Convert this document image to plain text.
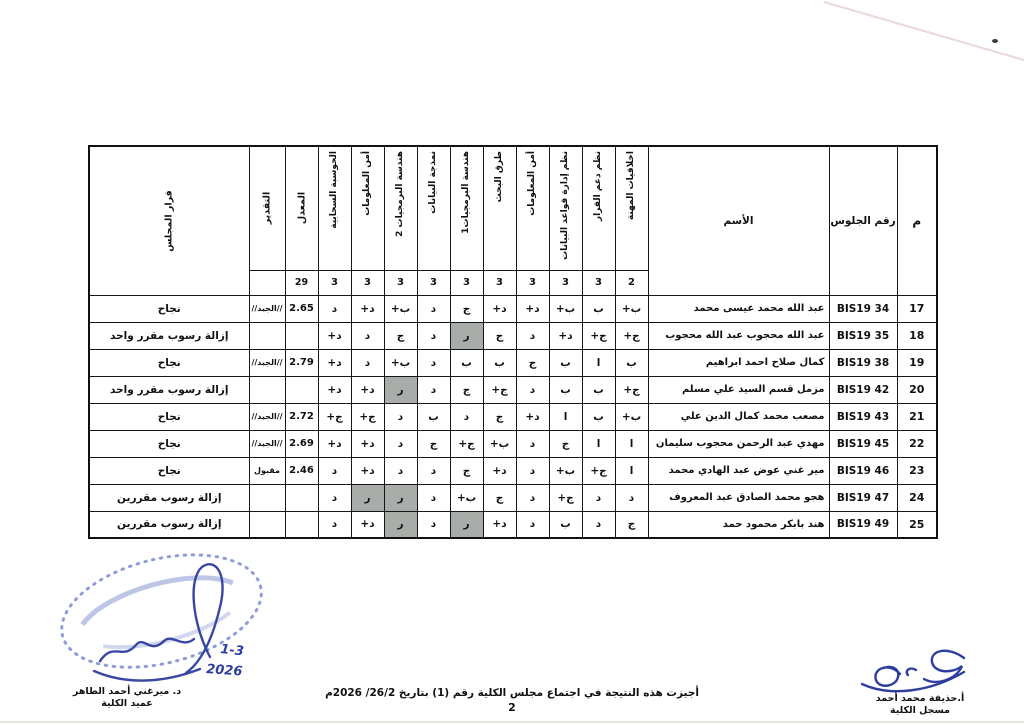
م	رقم الجلوس	الأسم	اخلاقيات المهنة	نظم دعم القرار	نظم إدارة قواعد البيانات	أمن المعلومات	طرق البحث	هندسة البرمجيات1	نمذجة البيانات	هندسة البرمجيات 2	أمن المعلومات	الحوسبة السحابية	المعدل	التقدير	قرار المجلس

			2	3	3	3	3	3	3	3	3	3	29		
17	BIS19 34	عبد الله محمد عيسى محمد	ب+	ب	ب+	د+	د+	ج	د	ب+	د+	د	2.65	//الجيد//	نجاح
18	BIS19 35	عبد الله محجوب عبد الله محجوب	ج+	ج+	د+	د	ج	ر	د	ج	د	د+			إزالة رسوب مقرر واحد
19	BIS19 38	كمال صلاح احمد ابراهيم	ب	ا	ب	ج	ب	ب	د	ب+	د	د+	2.79	//الجيد//	نجاح
20	BIS19 42	مزمل قسم السيد علي مسلم	ج+	ب	ب	د	ج+	ج	د	ر	د+	د+			إزالة رسوب مقرر واحد
21	BIS19 43	مصعب محمد كمال الدين علي	ب+	ب	ا	د+	ج	د	ب	د	ج+	ج+	2.72	//الجيد//	نجاح
22	BIS19 45	مهدي عبد الرحمن محجوب سليمان	ا	ا	ج	د	ب+	ج+	ج	د	د+	د+	2.69	//الجيد//	نجاح
23	BIS19 46	مير غني عوض عبد الهادي محمد	ا	ج+	ب+	د	د+	ج	د	د	د+	د	2.46	مقبول	نجاح
24	BIS19 47	هجو محمد الصادق عبد المعروف	د	د	ج+	د	ج	ب+	د	ر	ر	د			إزالة رسوب مقررين
25	BIS19 49	هند بابكر محمود حمد	ج	د	ب	د	د+	ر	د	ر	د+	د			إزالة رسوب مقررين
أجيزت هذه النتيجة في اجتماع مجلس الكلية رقم (1) بتاريخ 26/2/ 2026م
2
أ.حذيفة محمد أحمد
مسجل الكلية
1-3
2026
د. ميرغني أحمد الطاهر
عميد الكلية
